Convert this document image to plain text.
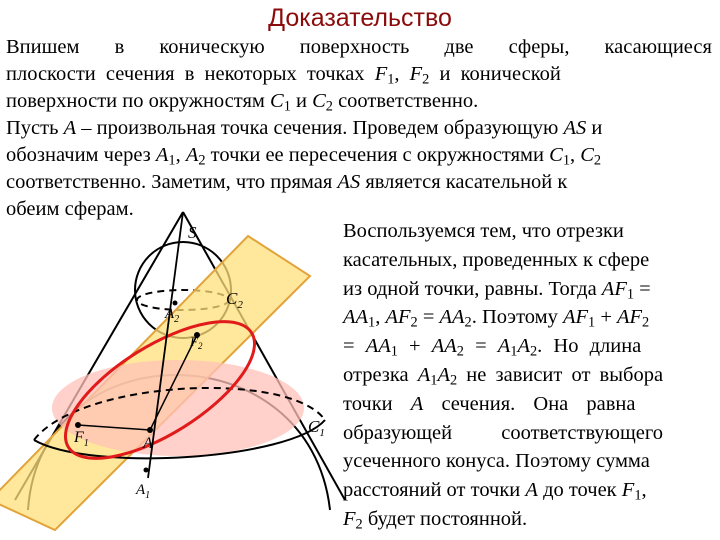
Доказательство
Впишем в коническую поверхность две сферы, касающиеся
плоскости сечения в некоторых точках $F_1$, $F_2$ и конической
поверхности по окружностям $C_1$ и $C_2$ соответственно.
Пусть A – произвольная точка сечения. Проведем образующую AS и
обозначим через $A_1$, $A_2$ точки ее пересечения с окружностями $C_1$, $C_2$
соответственно. Заметим, что прямая AS является касательной к
обеим сферам.
S
$C_2$
$A_2$
$F_2$
$C_1$
$F_1$	A
$A_1$
Воспользуемся тем, что отрезки
касательных, проведенных к сфере
из одной точки, равны. Тогда $AF_1$ =
$AA_1$, $AF_2 = AA_2$. Поэтому $AF_1 + AF_2$
= $AA_1 + AA_2 = A_1A_2$. Но длина
отрезка $A_1A_2$ не зависит от выбора
точки A сечения. Она равна
образующей соответствующего
усеченного конуса. Поэтому сумма
расстояний от точки A до точек $F_1$,
$F_2$ будет постоянной.
